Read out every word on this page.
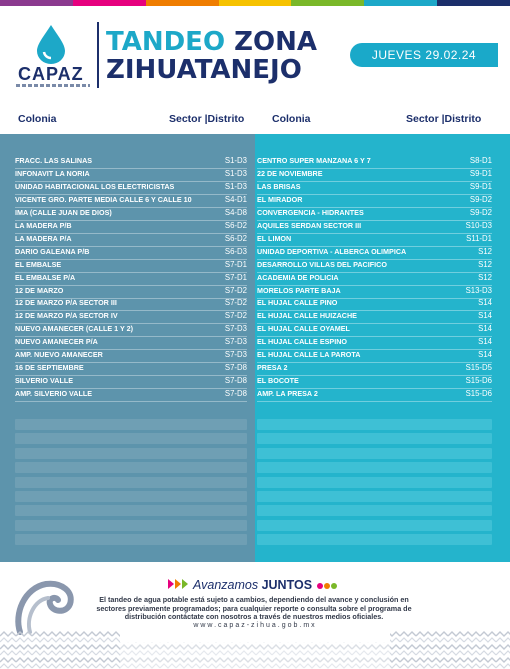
CAPAZ
TANDEO ZONA
ZIHUATANEJO	JUEVES 29.02.24
Colonia	Sector |Distrito	Colonia	Sector |Distrito
FRACC. LAS SALINAS	S1-D3
INFONAVIT LA NORIA	S1-D3
UNIDAD HABITACIONAL LOS ELECTRICISTAS	S1-D3
VICENTE GRO. PARTE MEDIA CALLE 6 Y CALLE 10	S4-D1
IMA (CALLE JUAN DE DIOS)	S4-D8
LA MADERA P/B	S6-D2
LA MADERA P/A	S6-D2
DARIO GALEANA P/B	S6-D3
EL EMBALSE	S7-D1
EL EMBALSE P/A	S7-D1
12 DE MARZO	S7-D2
12 DE MARZO P/A SECTOR III	S7-D2
12 DE MARZO P/A SECTOR IV	S7-D2
NUEVO AMANECER (CALLE 1 Y 2)	S7-D3
NUEVO AMANECER P/A	S7-D3
AMP. NUEVO AMANECER	S7-D3
16 DE SEPTIEMBRE	S7-D8
SILVERIO VALLE	S7-D8
AMP. SILVERIO VALLE	S7-D8
CENTRO SUPER MANZANA 6 Y 7	S8-D1
22 DE NOVIEMBRE	S9-D1
LAS BRISAS	S9-D1
EL MIRADOR	S9-D2
CONVERGENCIA - HIDRANTES	S9-D2
AQUILES SERDAN SECTOR III	S10-D3
EL LIMON	S11-D1
UNIDAD DEPORTIVA - ALBERCA OLIMPICA	S12
DESARROLLO VILLAS DEL PACIFICO	S12
ACADEMIA DE POLICIA	S12
MORELOS PARTE BAJA	S13-D3
EL HUJAL CALLE PINO	S14
EL HUJAL CALLE HUIZACHE	S14
EL HUJAL CALLE OYAMEL	S14
EL HUJAL CALLE ESPINO	S14
EL HUJAL CALLE LA PAROTA	S14
PRESA 2	S15-D5
EL BOCOTE	S15-D6
AMP. LA PRESA 2	S15-D6
Avanzamos JUNTOS
El tandeo de agua potable está sujeto a cambios, dependiendo del avance y conclusión en sectores previamente programados; para cualquier reporte o consulta sobre el programa de distribución contáctate con nosotros a través de nuestros medios oficiales.
www.capaz-zihua.gob.mx
